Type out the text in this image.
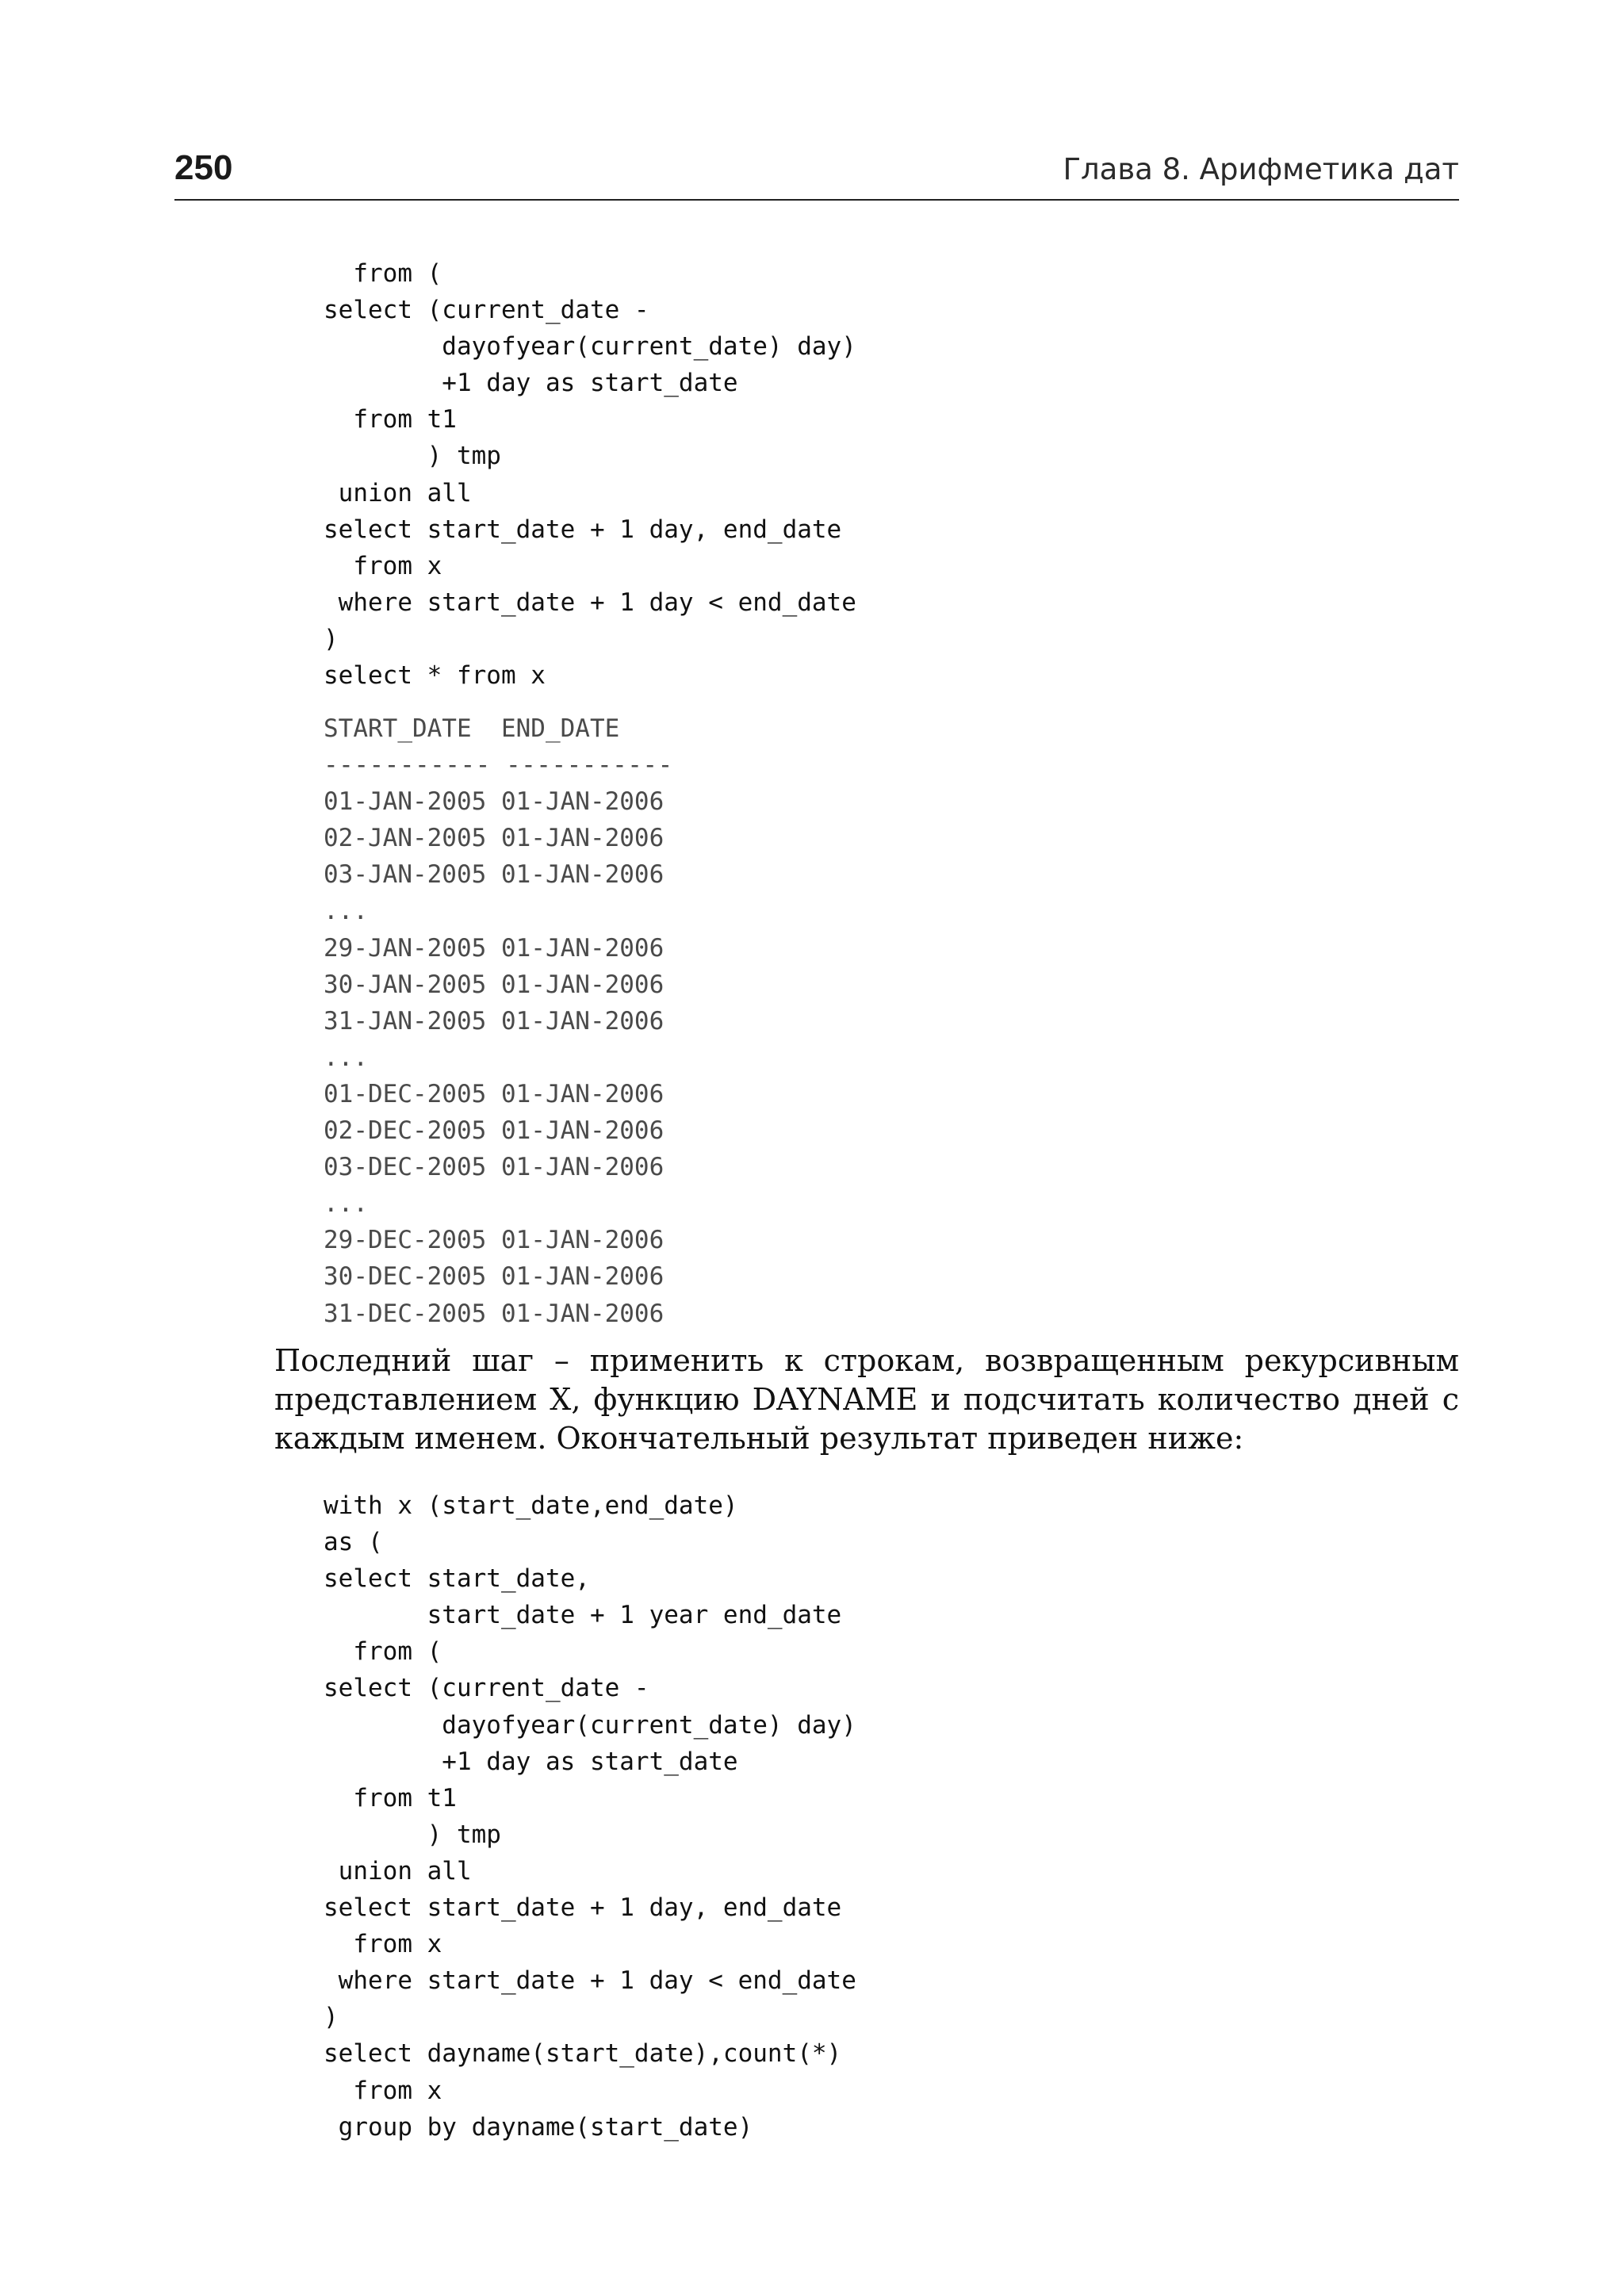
250	Глава 8. Арифметика дат
from (
select (current_date -
dayofyear(current_date) day)
+1 day as start_date
from t1
) tmp
union all
select start_date + 1 day, end_date
from x
where start_date + 1 day < end_date
)
select * from x
START_DATE  END_DATE
----------- -----------
01-JAN-2005 01-JAN-2006
02-JAN-2005 01-JAN-2006
03-JAN-2005 01-JAN-2006
...
29-JAN-2005 01-JAN-2006
30-JAN-2005 01-JAN-2006
31-JAN-2005 01-JAN-2006
...
01-DEC-2005 01-JAN-2006
02-DEC-2005 01-JAN-2006
03-DEC-2005 01-JAN-2006
...
29-DEC-2005 01-JAN-2006
30-DEC-2005 01-JAN-2006
31-DEC-2005 01-JAN-2006

Последний шаг – применить к строкам, возвращенным рекурсивным представлением X, функцию DAYNAME и подсчитать количество дней с каждым именем. Окончательный результат приведен ниже:

with x (start_date,end_date)
as (
select start_date,
start_date + 1 year end_date
from (
select (current_date -
dayofyear(current_date) day)
+1 day as start_date
from t1
) tmp
union all
select start_date + 1 day, end_date
from x
where start_date + 1 day < end_date
)
select dayname(start_date),count(*)
from x
group by dayname(start_date)
